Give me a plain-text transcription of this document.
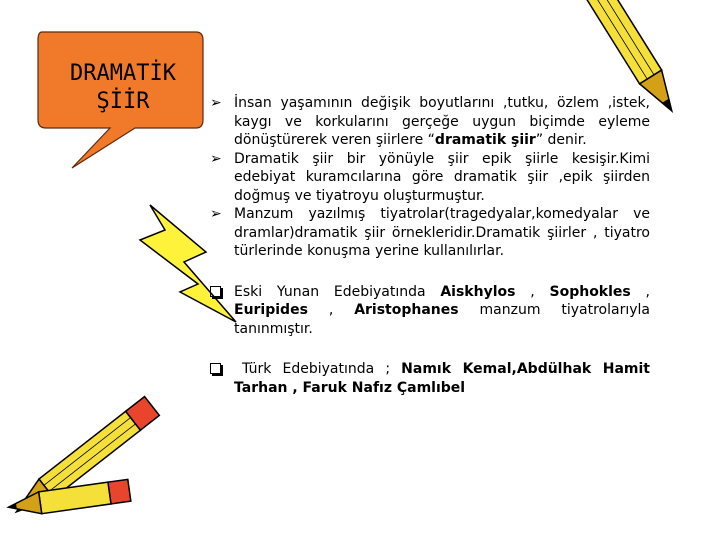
DRAMATİK
ŞİİR	➢ İnsan yaşamının değişik boyutlarını ,tutku, özlem ,istek, kaygı ve korkularını gerçeğe uygun biçimde eyleme dönüştürerek veren şiirlere “dramatik şiir” denir.
➢ Dramatik şiir bir yönüyle şiir epik şiirle kesişir.Kimi edebiyat kuramcılarına göre dramatik şiir ,epik şiirden doğmuş ve tiyatroyu oluşturmuştur.
➢ Manzum yazılmış tiyatrolar(tragedyalar,komedyalar ve dramlar)dramatik şiir örnekleridir.Dramatik şiirler , tiyatro türlerinde konuşma yerine kullanılırlar.
Eski Yunan Edebiyatında Aiskhylos , Sophokles , Euripides , Aristophanes manzum tiyatrolarıyla tanınmıştır.
Türk Edebiyatında ; Namık Kemal,Abdülhak Hamit Tarhan , Faruk Nafız Çamlıbel
